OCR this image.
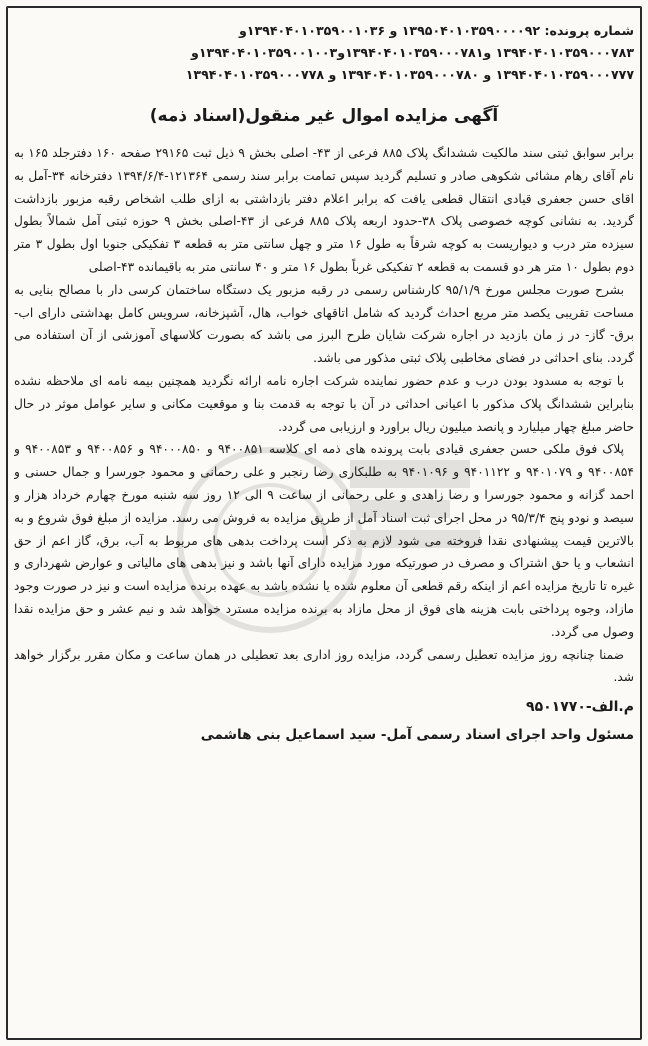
شماره پرونده: ۱۳۹۵۰۴۰۱۰۳۵۹۰۰۰۰۹۲ و ۱۳۹۴۰۴۰۱۰۳۵۹۰۰۱۰۳۶و
۱۳۹۴۰۴۰۱۰۳۵۹۰۰۰۷۸۳ و۱۳۹۴۰۴۰۱۰۳۵۹۰۰۰۷۸۱و۱۳۹۴۰۴۰۱۰۳۵۹۰۰۱۰۰۳و
۱۳۹۴۰۴۰۱۰۳۵۹۰۰۰۷۷۷ و ۱۳۹۴۰۴۰۱۰۳۵۹۰۰۰۷۸۰ و ۱۳۹۴۰۴۰۱۰۳۵۹۰۰۰۷۷۸
آگهی مزایده اموال غیر منقول(اسناد ذمه)

برابر سوابق ثبتی سند مالکیت ششدانگ پلاک ۸۸۵ فرعی از ۴۳- اصلی بخش ۹ ذیل ثبت ۲۹۱۶۵ صفحه ۱۶۰ دفترجلد ۱۶۵ به نام آقای رهام مشائی شکوهی صادر و تسلیم گردید سپس تمامت برابر سند رسمی ۱۲۱۳۶۴-۱۳۹۴/۶/۴ دفترخانه ۳۴-آمل به اقای حسن جعفری قیادی انتقال قطعی یافت که برابر اعلام دفتر بازداشتی به ازای طلب اشخاص رقبه مزبور بازداشت گردید. به نشانی کوچه خصوصی پلاک ۳۸-حدود اربعه پلاک ۸۸۵ فرعی از ۴۳-اصلی بخش ۹ حوزه ثبتی آمل شمالاً بطول سیزده متر درب و دیواریست به کوچه شرقاً به طول ۱۶ متر و چهل سانتی متر به قطعه ۳ تفکیکی جنوبا اول بطول ۳ متر دوم بطول ۱۰ متر هر دو قسمت به قطعه ۲ تفکیکی غرباً بطول ۱۶ متر و ۴۰ سانتی متر به باقیمانده ۴۳-اصلی

بشرح صورت مجلس مورخ ۹۵/۱/۹ کارشناس رسمی در رقبه مزبور یک دستگاه ساختمان کرسی دار با مصالح بنایی به مساحت تقریبی یکصد متر مربع احداث گردید که شامل اتاقهای خواب، هال، آشپزخانه، سرویس کامل بهداشتی دارای اب- برق- گاز- در ز مان بازدید در اجاره شرکت شایان طرح البرز می باشد که بصورت کلاسهای آموزشی از آن استفاده می گردد. بنای احداثی در فضای مخاطبی پلاک ثبتی مذکور می باشد.

با توجه به مسدود بودن درب و عدم حضور نماینده شرکت اجاره نامه ارائه نگردید همچنین بیمه نامه ای ملاحظه نشده بنابراین ششدانگ پلاک مذکور با اعیانی احداثی در آن با توجه به قدمت بنا و موقعیت مکانی و سایر عوامل موثر در حال حاضر مبلغ چهار میلیارد و پانصد میلیون ریال براورد و ارزیابی می گردد.

پلاک فوق ملکی حسن جعفری قیادی بابت پرونده های ذمه ای کلاسه ۹۴۰۰۸۵۱ و ۹۴۰۰۰۸۵۰ و ۹۴۰۰۸۵۶ و ۹۴۰۰۸۵۳ و ۹۴۰۰۸۵۴ و ۹۴۰۱۰۷۹ و ۹۴۰۱۱۲۲ و ۹۴۰۱۰۹۶ به طلبکاری رضا رنجبر و علی رحمانی و محمود جورسرا و جمال حسنی و احمد گزانه و محمود جورسرا و رضا زاهدی و علی رحمانی از ساعت ۹ الی ۱۲ روز سه شنبه مورخ چهارم خرداد هزار و سیصد و نودو پنج ۹۵/۳/۴ در محل اجرای ثبت اسناد آمل از طریق مزایده به فروش می رسد. مزایده از مبلغ فوق شروع و به بالاترین قیمت پیشنهادی نقدا فروخته می شود لازم به ذکر است پرداخت بدهی های مربوط به آب، برق، گاز اعم از حق انشعاب و یا حق اشتراک و مصرف در صورتیکه مورد مزایده دارای آنها باشد و نیز بدهی های مالیاتی و عوارض شهرداری و غیره تا تاریخ مزایده اعم از اینکه رقم قطعی آن معلوم شده یا نشده باشد به عهده برنده مزایده است و نیز در صورت وجود مازاد، وجوه پرداختی بابت هزینه های فوق از محل مازاد به برنده مزایده مسترد خواهد شد و نیم عشر و حق مزایده نقدا وصول می گردد.

ضمنا چنانچه روز مزایده تعطیل رسمی گردد، مزایده روز اداری بعد تعطیلی در همان ساعت و مکان مقرر برگزار خواهد شد.

م.الف-۹۵۰۱۷۷۰
مسئول واحد اجرای اسناد رسمی آمل- سید اسماعیل بنی هاشمی
